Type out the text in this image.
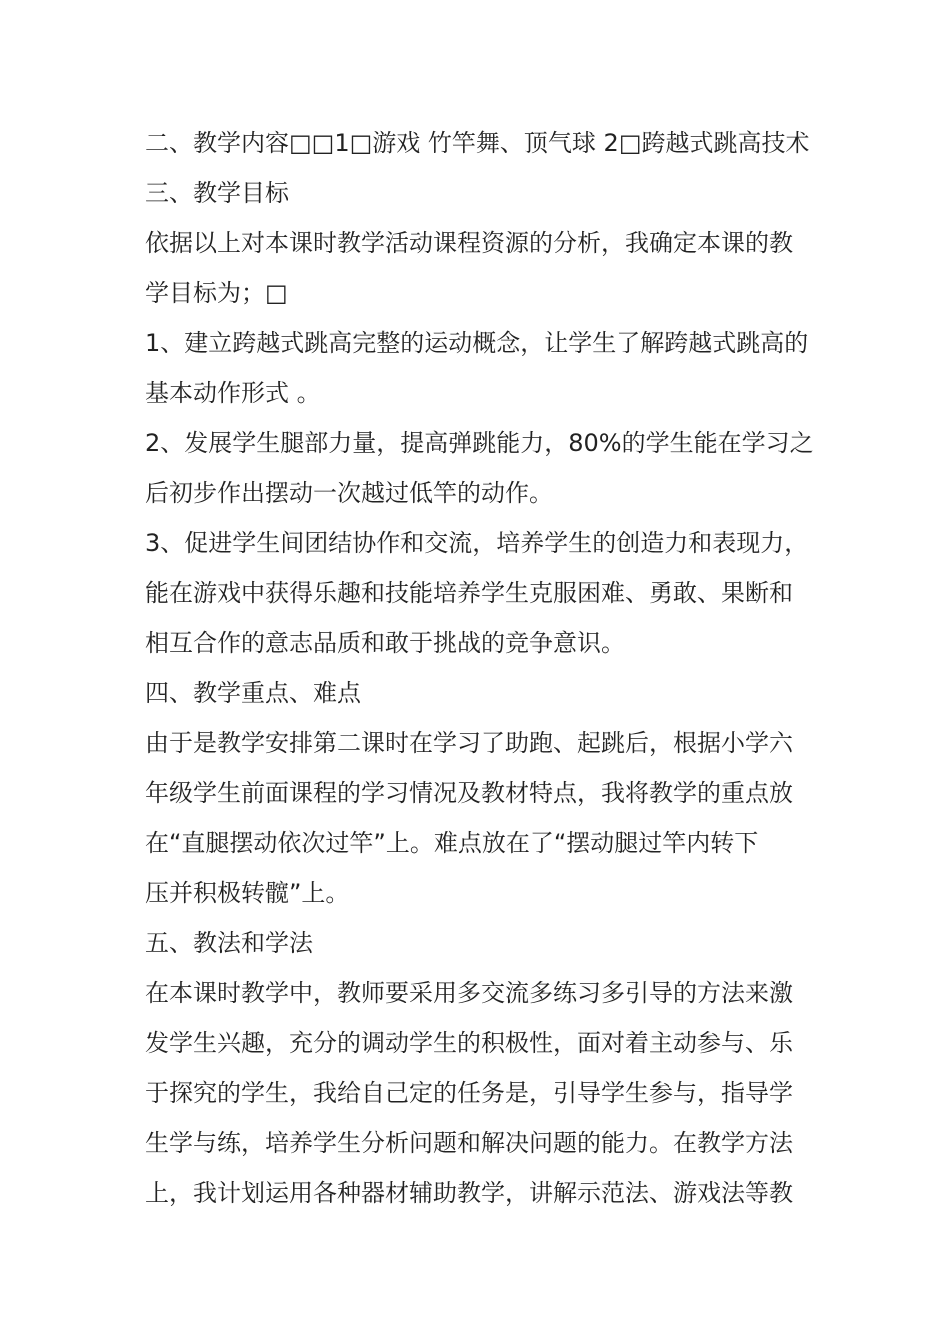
二、教学内容□□1□游戏 竹竿舞、顶气球 2□跨越式跳高技术
三、教学目标
依据以上对本课时教学活动课程资源的分析，我确定本课的教
学目标为；□
1、建立跨越式跳高完整的运动概念，让学生了解跨越式跳高的
基本动作形式 。
2、发展学生腿部力量，提高弹跳能力，80%的学生能在学习之
后初步作出摆动一次越过低竿的动作。
3、促进学生间团结协作和交流，培养学生的创造力和表现力，
能在游戏中获得乐趣和技能培养学生克服困难、勇敢、果断和
相互合作的意志品质和敢于挑战的竞争意识。
四、教学重点、难点
由于是教学安排第二课时在学习了助跑、起跳后，根据小学六
年级学生前面课程的学习情况及教材特点，我将教学的重点放
在“直腿摆动依次过竿”上。难点放在了“摆动腿过竿内转下
压并积极转髋”上。
五、教法和学法
在本课时教学中，教师要采用多交流多练习多引导的方法来激
发学生兴趣，充分的调动学生的积极性，面对着主动参与、乐
于探究的学生，我给自己定的任务是，引导学生参与，指导学
生学与练，培养学生分析问题和解决问题的能力。在教学方法
上，我计划运用各种器材辅助教学，讲解示范法、游戏法等教
